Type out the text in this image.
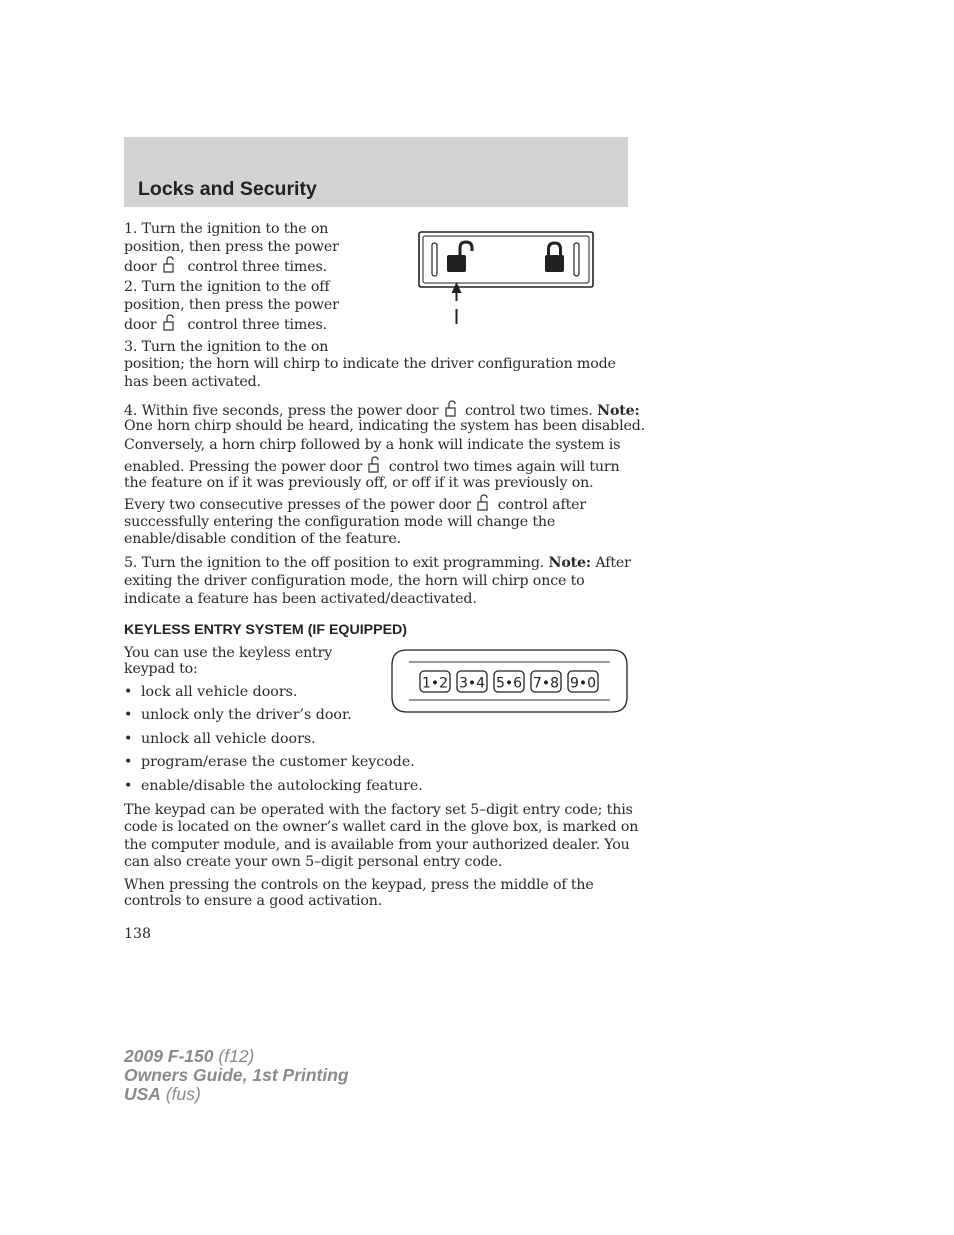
Locks and Security

1. Turn the ignition to the on

position, then press the power

door control three times.

2. Turn the ignition to the off

position, then press the power

door control three times.

3. Turn the ignition to the on

position; the horn will chirp to indicate the driver configuration mode

has been activated.

4. Within five seconds, press the power door control two times. Note:

One horn chirp should be heard, indicating the system has been disabled.

Conversely, a horn chirp followed by a honk will indicate the system is

enabled. Pressing the power door control two times again will turn

the feature on if it was previously off, or off if it was previously on.

Every two consecutive presses of the power door control after

successfully entering the configuration mode will change the

enable/disable condition of the feature.

5. Turn the ignition to the off position to exit programming. Note: After

exiting the driver configuration mode, the horn will chirp once to

indicate a feature has been activated/deactivated.

KEYLESS ENTRY SYSTEM (IF EQUIPPED)

You can use the keyless entry

keypad to:

1•2 3•4 5•6 7•8 9•0

• lock all vehicle doors.

• unlock only the driver’s door.

• unlock all vehicle doors.

• program/erase the customer keycode.

• enable/disable the autolocking feature.

The keypad can be operated with the factory set 5–digit entry code; this

code is located on the owner’s wallet card in the glove box, is marked on

the computer module, and is available from your authorized dealer. You

can also create your own 5–digit personal entry code.

When pressing the controls on the keypad, press the middle of the

controls to ensure a good activation.

138
2009 F-150 (f12)
Owners Guide, 1st Printing
USA (fus)
